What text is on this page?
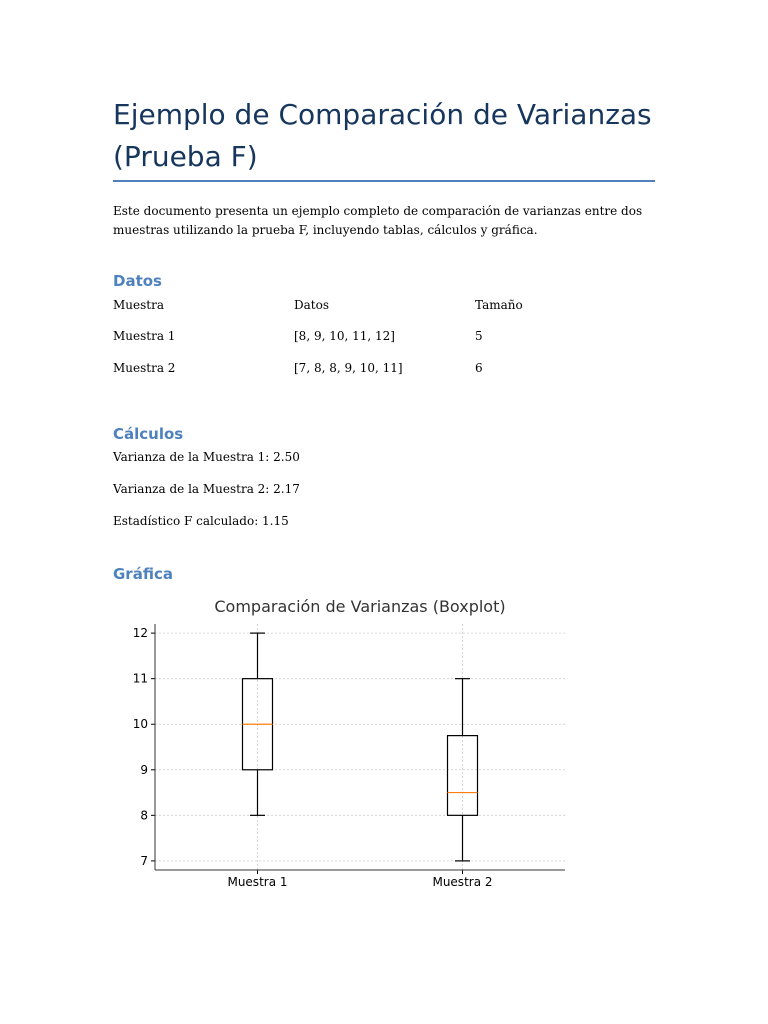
Ejemplo de Comparación de Varianzas (Prueba F)

Este documento presenta un ejemplo completo de comparación de varianzas entre dos muestras utilizando la prueba F, incluyendo tablas, cálculos y gráfica.

Datos
Muestra	Datos	Tamaño
Muestra 1	[8, 9, 10, 11, 12]	5
Muestra 2	[7, 8, 8, 9, 10, 11]	6
Cálculos

Varianza de la Muestra 1: 2.50

Varianza de la Muestra 2: 2.17

Estadístico F calculado: 1.15

Gráfica
Comparación de Varianzas (Boxplot)
7
8
9
10
11
12
Muestra 1	Muestra 2
